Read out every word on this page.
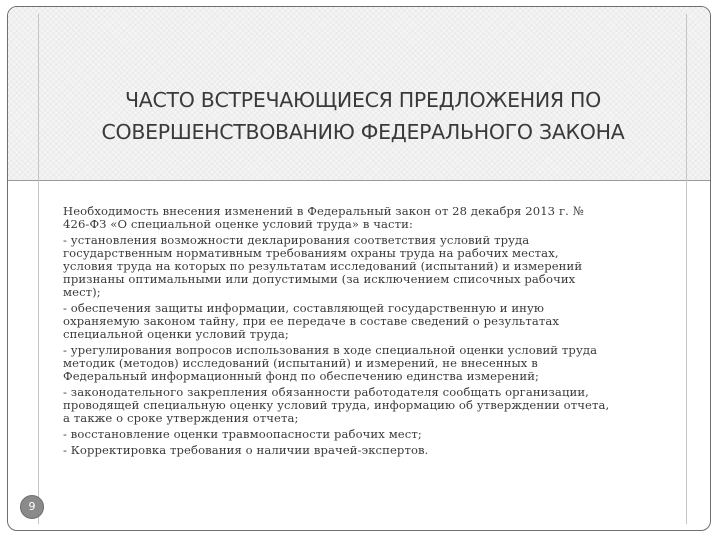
ЧАСТО ВСТРЕЧАЮЩИЕСЯ ПРЕДЛОЖЕНИЯ ПО
СОВЕРШЕНСТВОВАНИЮ ФЕДЕРАЛЬНОГО ЗАКОНА
Необходимость внесения изменений в Федеральный закон от 28 декабря 2013 г. №
426-ФЗ «О специальной оценке условий труда» в части:
- установления возможности декларирования соответствия условий труда
государственным нормативным требованиям охраны труда на рабочих местах,
условия труда на которых по результатам исследований (испытаний) и измерений
признаны оптимальными или допустимыми (за исключением списочных рабочих
мест);
- обеспечения защиты информации, составляющей государственную и иную
охраняемую законом тайну, при ее передаче в составе сведений о результатах
специальной оценки условий труда;
- урегулирования вопросов использования в ходе специальной оценки условий труда
методик (методов) исследований (испытаний) и измерений, не внесенных в
Федеральный информационный фонд по обеспечению единства измерений;
- законодательного закрепления обязанности работодателя сообщать организации,
проводящей специальную оценку условий труда, информацию об утверждении отчета,
а также о сроке утверждения отчета;
- восстановление оценки травмоопасности рабочих мест;
- Корректировка требования о наличии врачей-экспертов.
9
